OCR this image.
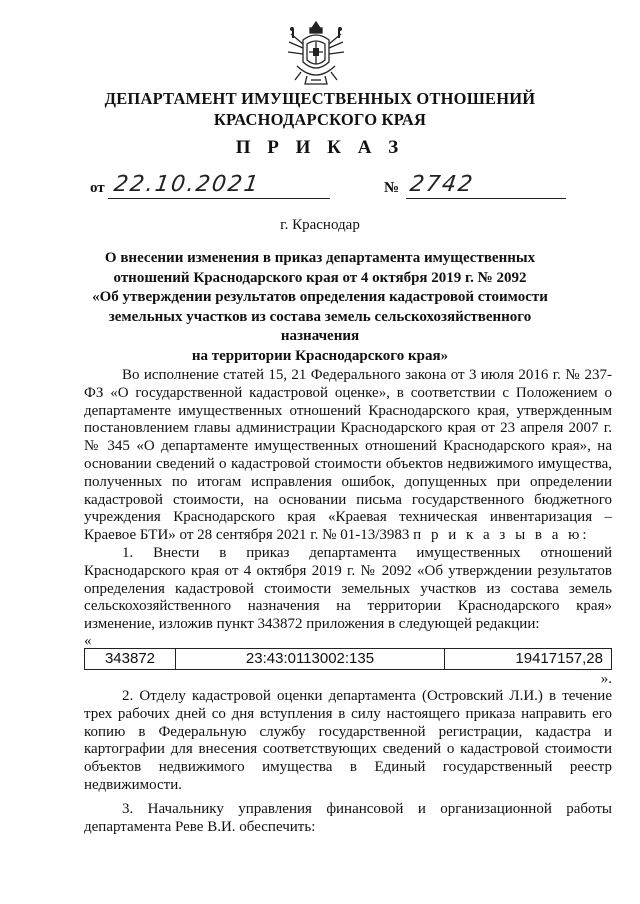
ДЕПАРТАМЕНТ ИМУЩЕСТВЕННЫХ ОТНОШЕНИЙ
КРАСНОДАРСКОГО КРАЯ
П Р И К А З
от 22.10.2021	№ 2742
г. Краснодар
О внесении изменения в приказ департамента имущественных
отношений Краснодарского края от 4 октября 2019 г. № 2092
«Об утверждении результатов определения кадастровой стоимости
земельных участков из состава земель сельскохозяйственного назначения
на территории Краснодарского края»

Во исполнение статей 15, 21 Федерального закона от 3 июля 2016 г. № 237-ФЗ «О государственной кадастровой оценке», в соответствии с Положением о департаменте имущественных отношений Краснодарского края, утвержденным постановлением главы администрации Краснодарского края от 23 апреля 2007 г. № 345 «О департаменте имущественных отношений Краснодарского края», на основании сведений о кадастровой стоимости объектов недвижимого имущества, полученных по итогам исправления ошибок, допущенных при определении кадастровой стоимости, на основании письма государственного бюджетного учреждения Краснодарского края «Краевая техническая инвентаризация – Краевое БТИ» от 28 сентября 2021 г. № 01-13/3983 п р и к а з ы в а ю:

1. Внести в приказ департамента имущественных отношений Краснодарского края от 4 октября 2019 г. № 2092 «Об утверждении результатов определения кадастровой стоимости земельных участков из состава земель сельскохозяйственного назначения на территории Краснодарского края» изменение, изложив пункт 343872 приложения в следующей редакции:

«

343872	23:43:0113002:135	19417157,28

».

2. Отделу кадастровой оценки департамента (Островский Л.И.) в течение трех рабочих дней со дня вступления в силу настоящего приказа направить его копию в Федеральную службу государственной регистрации, кадастра и картографии для внесения соответствующих сведений о кадастровой стоимости объектов недвижимого имущества в Единый государственный реестр недвижимости.

3. Начальнику управления финансовой и организационной работы департамента Реве В.И. обеспечить:
